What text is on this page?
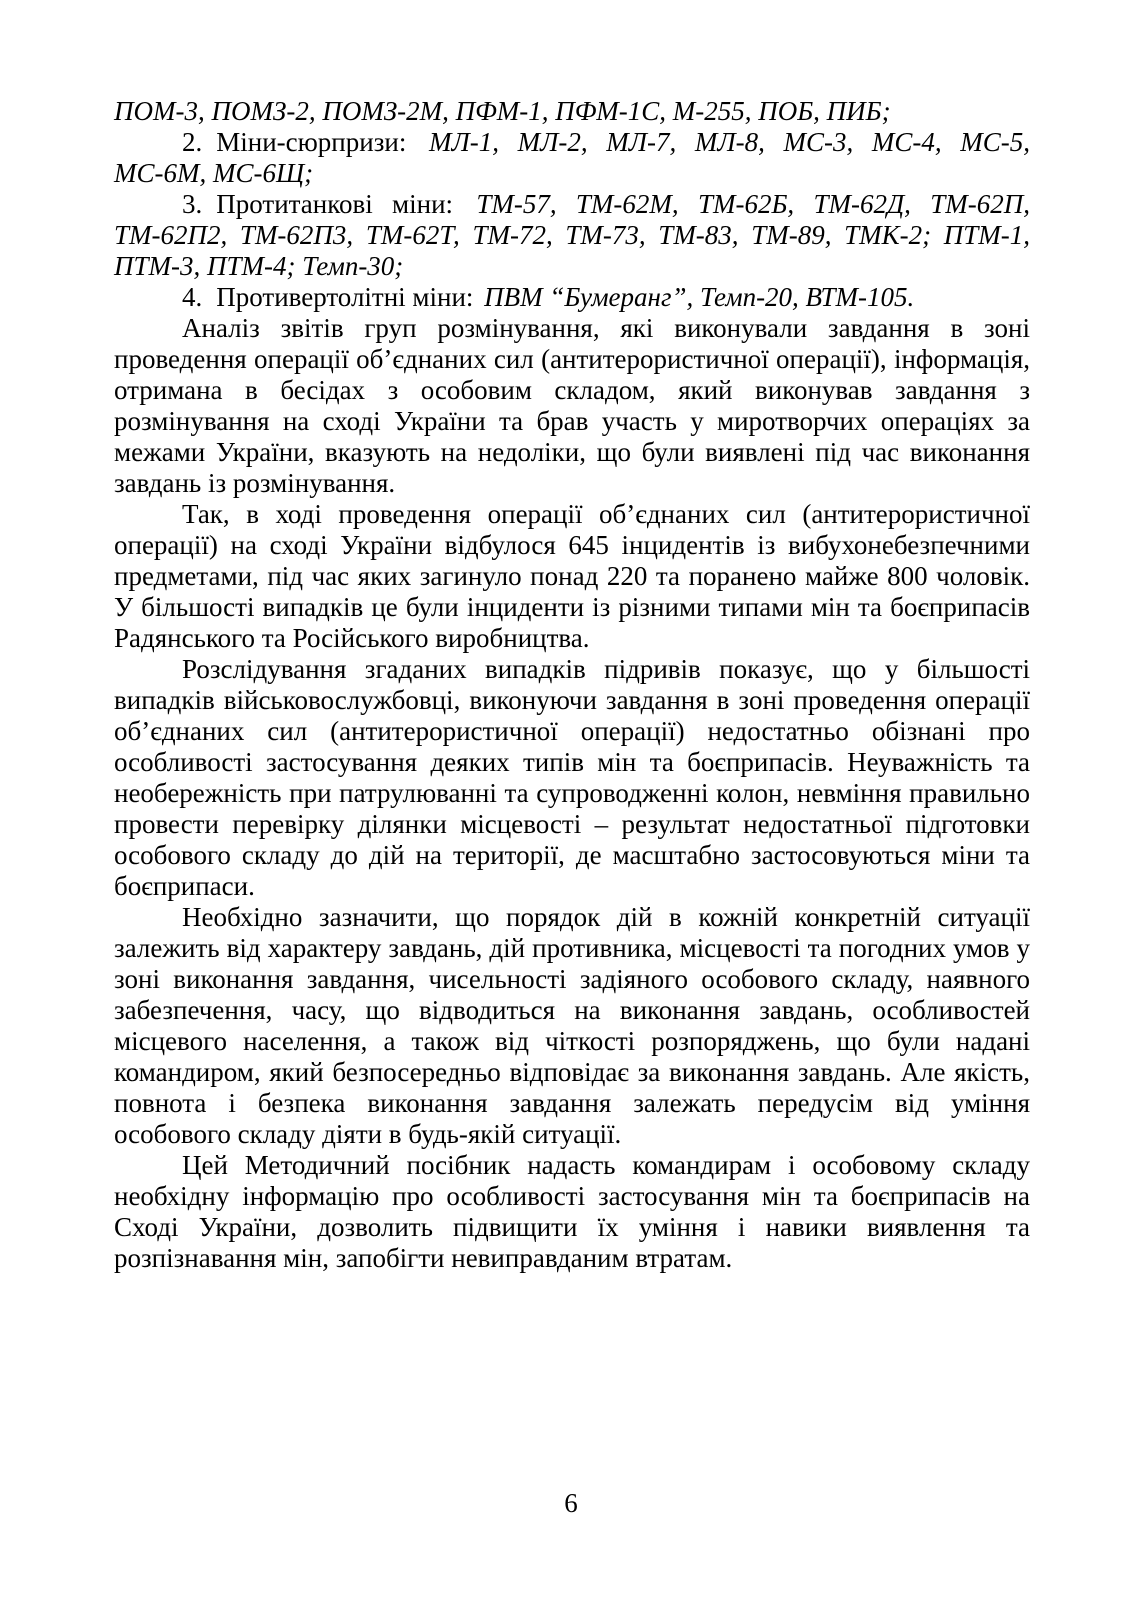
ПОМ-3, ПОМЗ-2, ПОМЗ-2М, ПФМ-1, ПФМ-1С, М-255, ПОБ, ПИБ;

2. Міни-сюрпризи: МЛ-1, МЛ-2, МЛ-7, МЛ-8, МС-3, МС-4, МС-5, МС-6М, МС-6Щ;

3. Протитанкові міни: ТМ-57, ТМ-62М, ТМ-62Б, ТМ-62Д, ТМ-62П, ТМ-62П2, ТМ-62П3, ТМ-62Т, ТМ-72, ТМ-73, ТМ-83, ТМ-89, ТМК-2; ПТМ-1, ПТМ-3, ПТМ-4; Темп-30;

4. Противертолітні міни: ПВМ “Бумеранг”, Темп-20, ВТМ-105.

Аналіз звітів груп розмінування, які виконували завдання в зоні проведення операції об’єднаних сил (антитерористичної операції), інформація, отримана в бесідах з особовим складом, який виконував завдання з розмінування на сході України та брав участь у миротворчих операціях за межами України, вказують на недоліки, що були виявлені під час виконання завдань із розмінування.

Так, в ході проведення операції об’єднаних сил (антитерористичної операції) на сході України відбулося 645 інцидентів із вибухонебезпечними предметами, під час яких загинуло понад 220 та поранено майже 800 чоловік. У більшості випадків це були інциденти із різними типами мін та боєприпасів Радянського та Російського виробництва.

Розслідування згаданих випадків підривів показує, що у більшості випадків військовослужбовці, виконуючи завдання в зоні проведення операції об’єднаних сил (антитерористичної операції) недостатньо обізнані про особливості застосування деяких типів мін та боєприпасів. Неуважність та необережність при патрулюванні та супроводженні колон, невміння правильно провести перевірку ділянки місцевості – результат недостатньої підготовки особового складу до дій на території, де масштабно застосовуються міни та боєприпаси.

Необхідно зазначити, що порядок дій в кожній конкретній ситуації залежить від характеру завдань, дій противника, місцевості та погодних умов у зоні виконання завдання, чисельності задіяного особового складу, наявного забезпечення, часу, що відводиться на виконання завдань, особливостей місцевого населення, а також від чіткості розпоряджень, що були надані командиром, який безпосередньо відповідає за виконання завдань. Але якість, повнота і безпека виконання завдання залежать передусім від уміння особового складу діяти в будь-якій ситуації.

Цей Методичний посібник надасть командирам і особовому складу необхідну інформацію про особливості застосування мін та боєприпасів на Сході України, дозволить підвищити їх уміння і навики виявлення та розпізнавання мін, запобігти невиправданим втратам.

6
